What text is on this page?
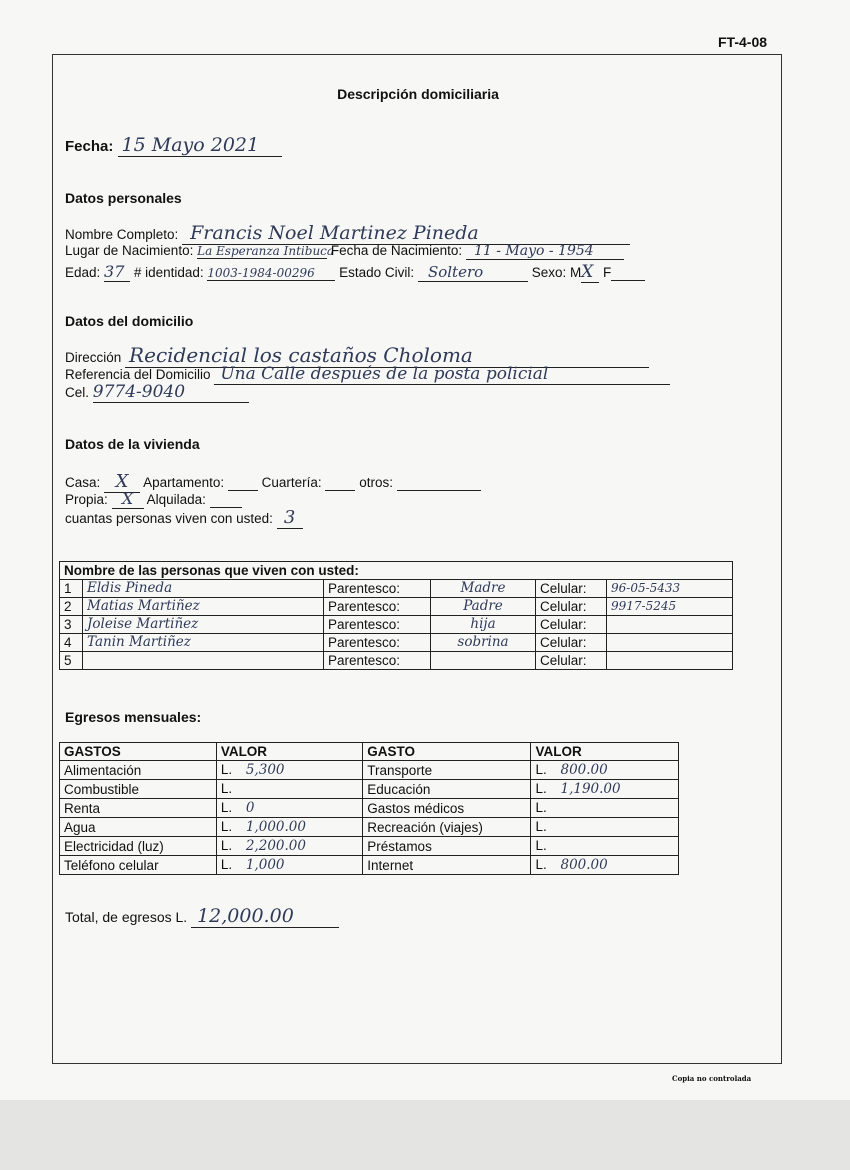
FT-4-08
Descripción domiciliaria
Fecha: 15 Mayo 2021
Datos personales
Nombre Completo: Francis Noel Martinez Pineda
Lugar de Nacimiento: La Esperanza Intibuca Fecha de Nacimiento: 11 - Mayo - 1954
Edad: 37 # identidad: 1003-1984-00296 Estado Civil: Soltero	Sexo: MX F
Datos del domicilio
Dirección Recidencial los castaños Choloma
Referencia del Domicilio Una Calle después de la posta policial
Cel. 9774-9040
Datos de la vivienda
Casa: X Apartamento:	Cuartería:	otros:
Propia: X Alquilada:
cuantas personas viven con usted: 3
Nombre de las personas que viven con usted:					
1	Eldis Pineda	Parentesco:	Madre	Celular:	96-05-5433
2	Matias Martiñez	Parentesco:	Padre	Celular:	9917-5245
3	Joleise Martiñez	Parentesco:	hija	Celular:	
4	Tanin Martiñez	Parentesco:	sobrina	Celular:	
5		Parentesco:		Celular:	
Egresos mensuales:
GASTOS	VALOR	GASTO	VALOR
Alimentación	L. 5,300	Transporte	L. 800.00
Combustible	L.	Educación	L. 1,190.00
Renta	L. 0	Gastos médicos	L.
Agua	L. 1,000.00	Recreación (viajes)	L.
Electricidad (luz)	L. 2,200.00	Préstamos	L.
Teléfono celular	L. 1,000	Internet	L. 800.00
Total, de egresos L. 12,000.00
Copia no controlada
